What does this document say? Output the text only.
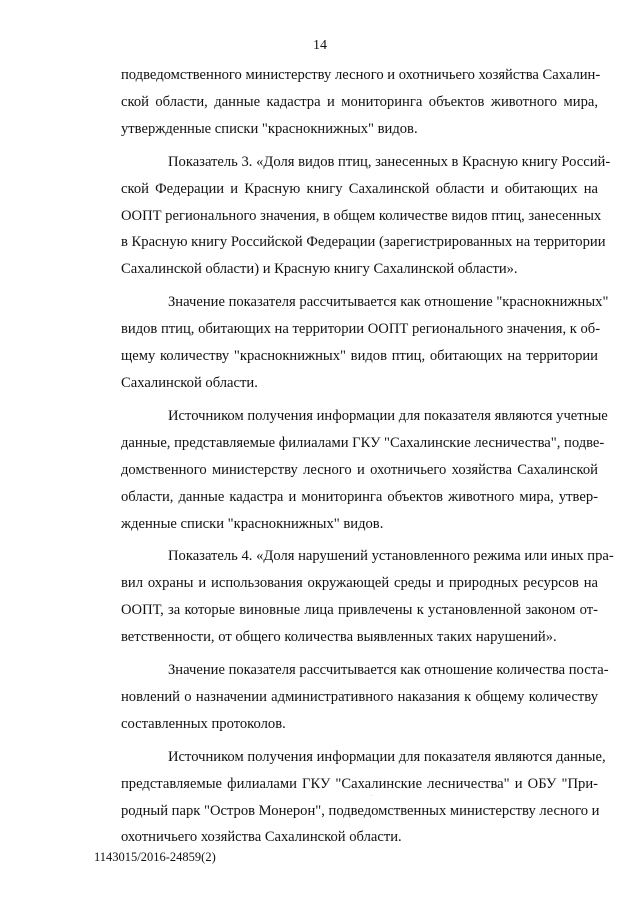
14
подведомственного министерству лесного и охотничьего хозяйства Сахалин-
ской области, данные кадастра и мониторинга объектов животного мира,
утвержденные списки "краснокнижных" видов.
Показатель 3. «Доля видов птиц, занесенных в Красную книгу Россий-
ской Федерации и Красную книгу Сахалинской области и обитающих на
ООПТ регионального значения, в общем количестве видов птиц, занесенных
в Красную книгу Российской Федерации (зарегистрированных на территории
Сахалинской области) и Красную книгу Сахалинской области».
Значение показателя рассчитывается как отношение "краснокнижных"
видов птиц, обитающих на территории ООПТ регионального значения, к об-
щему количеству "краснокнижных" видов птиц, обитающих на территории
Сахалинской области.
Источником получения информации для показателя являются учетные
данные, представляемые филиалами ГКУ "Сахалинские лесничества", подве-
домственного министерству лесного и охотничьего хозяйства Сахалинской
области, данные кадастра и мониторинга объектов животного мира, утвер-
жденные списки "краснокнижных" видов.
Показатель 4. «Доля нарушений установленного режима или иных пра-
вил охраны и использования окружающей среды и природных ресурсов на
ООПТ, за которые виновные лица привлечены к установленной законом от-
ветственности, от общего количества выявленных таких нарушений».
Значение показателя рассчитывается как отношение количества поста-
новлений о назначении административного наказания к общему количеству
составленных протоколов.
Источником получения информации для показателя являются данные,
представляемые филиалами ГКУ "Сахалинские лесничества" и ОБУ "При-
родный парк "Остров Монерон", подведомственных министерству лесного и
охотничьего хозяйства Сахалинской области.
1143015/2016-24859(2)
